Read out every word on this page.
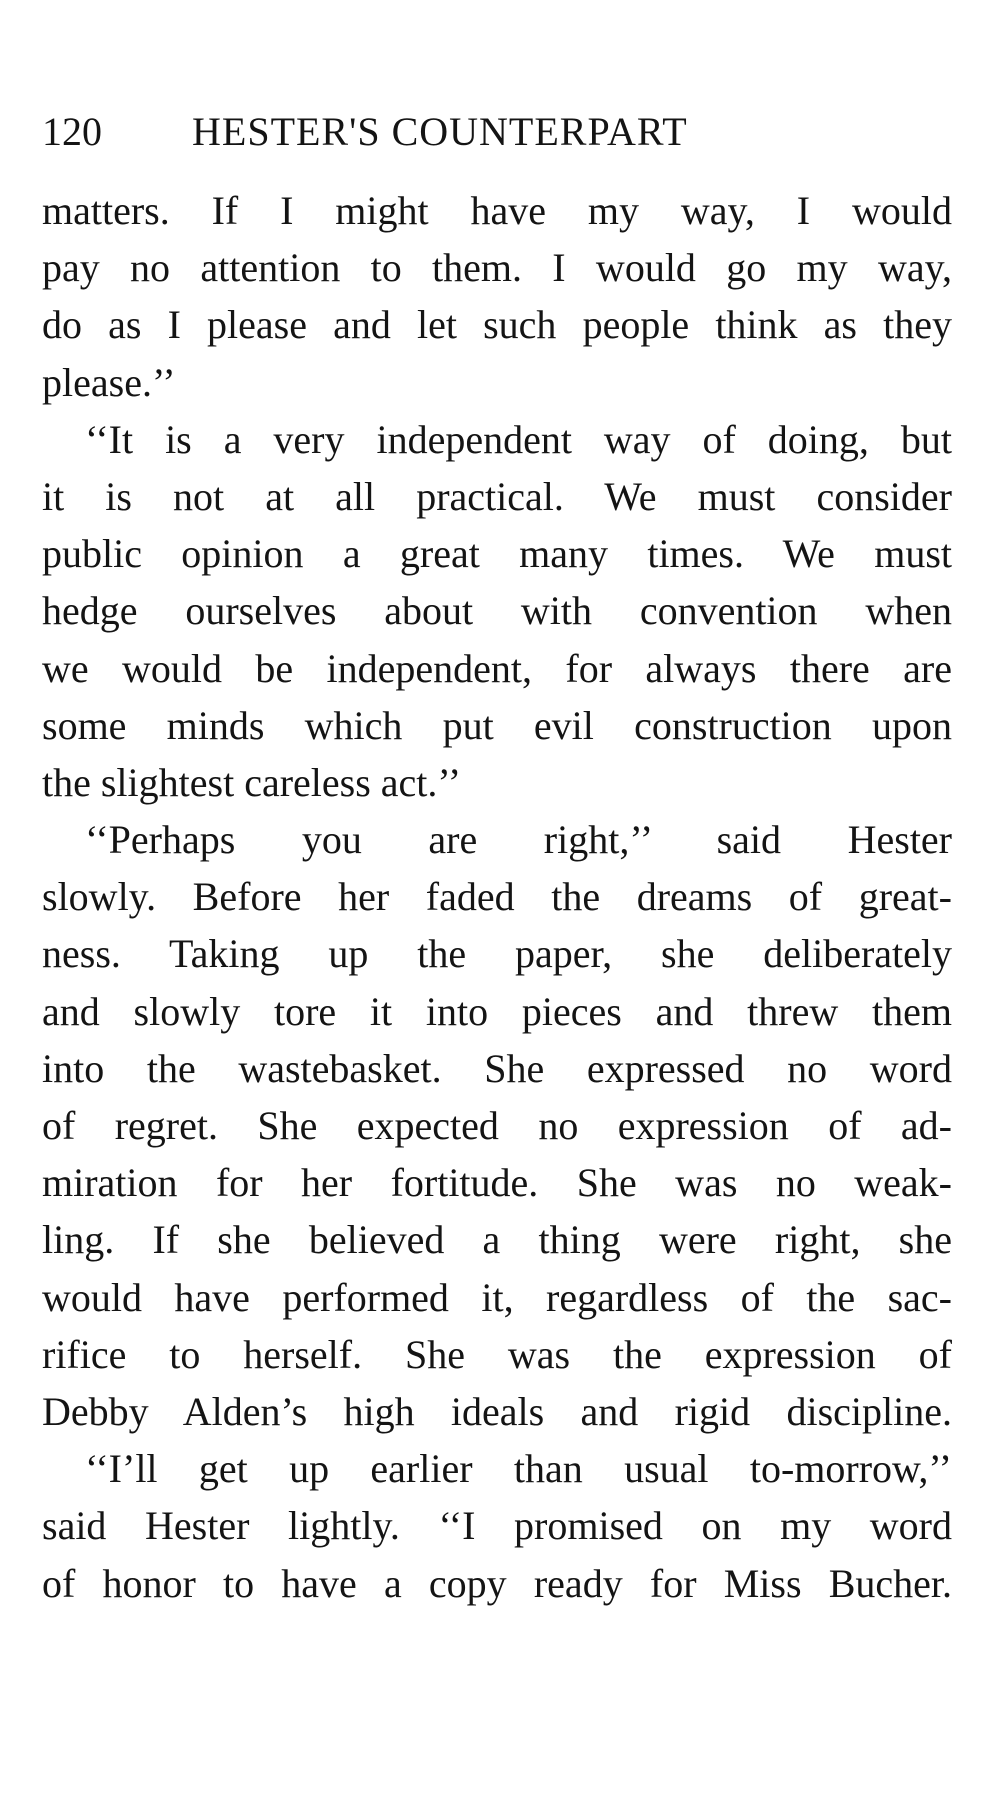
120 HESTER'S COUNTERPART

matters. If I might have my way, I would
pay no attention to them. I would go my way,
do as I please and let such people think as they
please.’’

‘‘It is a very independent way of doing, but
it is not at all practical. We must consider
public opinion a great many times. We must
hedge ourselves about with convention when
we would be independent, for always there are
some minds which put evil construction upon
the slightest careless act.’’

‘‘Perhaps you are right,’’ said Hester
slowly. Before her faded the dreams of great-
ness. Taking up the paper, she deliberately
and slowly tore it into pieces and threw them
into the wastebasket. She expressed no word
of regret. She expected no expression of ad-
miration for her fortitude. She was no weak-
ling. If she believed a thing were right, she
would have performed it, regardless of the sac-
rifice to herself. She was the expression of
Debby Alden’s high ideals and rigid discipline.

‘‘I’ll get up earlier than usual to-morrow,’’
said Hester lightly. ‘‘I promised on my word
of honor to have a copy ready for Miss Bucher.
